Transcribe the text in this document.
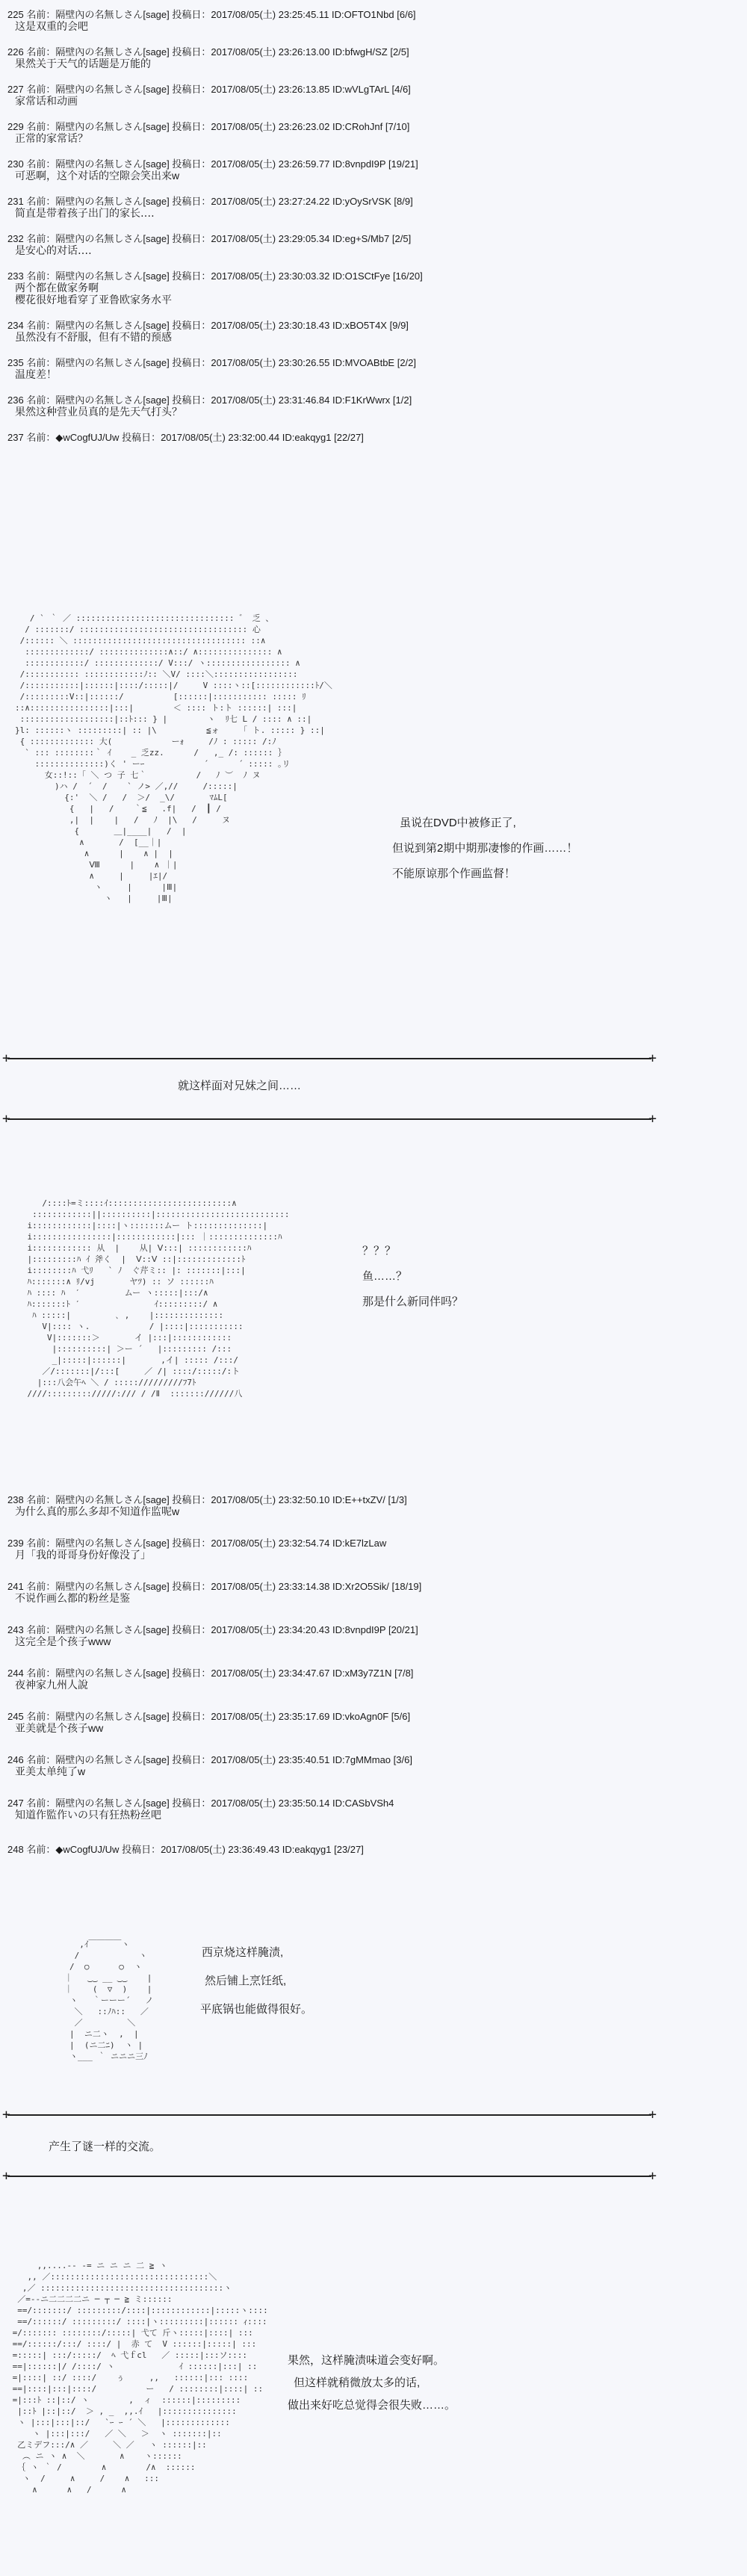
225 名前：隔壁內の名無しさん[sage] 投稿日：2017/08/05(土) 23:25:45.11 ID:OFTO1Nbd [6/6]
这是双重的会吧
226 名前：隔壁內の名無しさん[sage] 投稿日：2017/08/05(土) 23:26:13.00 ID:bfwgH/SZ [2/5]
果然关于天气的话题是万能的
227 名前：隔壁內の名無しさん[sage] 投稿日：2017/08/05(土) 23:26:13.85 ID:wVLgTArL [4/6]
家常话和动画
229 名前：隔壁內の名無しさん[sage] 投稿日：2017/08/05(土) 23:26:23.02 ID:CRohJnf [7/10]
正常的家常话？
230 名前：隔壁內の名無しさん[sage] 投稿日：2017/08/05(土) 23:26:59.77 ID:8vnpdI9P [19/21]
可恶啊，这个对话的空隙会笑出来w
231 名前：隔壁內の名無しさん[sage] 投稿日：2017/08/05(土) 23:27:24.22 ID:yOySrVSK [8/9]
简直是带着孩子出门的家长‥‥
232 名前：隔壁內の名無しさん[sage] 投稿日：2017/08/05(土) 23:29:05.34 ID:eg+S/Mb7 [2/5]
是安心的对话‥‥
233 名前：隔壁內の名無しさん[sage] 投稿日：2017/08/05(土) 23:30:03.32 ID:O1SCtFye [16/20]
两个都在做家务啊
樱花很好地看穿了亚鲁欧家务水平
234 名前：隔壁內の名無しさん[sage] 投稿日：2017/08/05(土) 23:30:18.43 ID:xBO5T4X [9/9]
虽然没有不舒服，但有不错的预感
235 名前：隔壁內の名無しさん[sage] 投稿日：2017/08/05(土) 23:30:26.55 ID:MVOABtbE [2/2]
温度差！
236 名前：隔壁內の名無しさん[sage] 投稿日：2017/08/05(土) 23:31:46.84 ID:F1KrWwrx [1/2]
果然这种营业员真的是先天气打头？
237 名前：◆wCogfUJ/Uw 投稿日：2017/08/05(土) 23:32:00.44 ID:eakqyg1 [22/27]
/ ` ｀ ／ :::::::::::::::::::::::::::::::: ゛ 乏 、
/ :::::::/ :::::::::::::::::::::::::::::::::: 心
/:::::: ＼ ::::::::::::::::::::::::::::::::::: ::∧
:::::::::::::/ ::::::::::::::∧::/ ∧::::::::::::::: ∧
::::::::::::/ :::::::::::::/ V:::/ ヽ::::::::::::::::: ∧
/::::::::::: ::::::::::::ﾉ:: ＼V/ ::::＼:::::::::::::::::
/:::::::::::|::::::|::::/:::::|/     V ::::ヽ::[::::::::::::ﾄ/＼
/:::::::::V::|::::::/          [::::::|::::::::::: ::::: ﾘ
::∧::::::::::::::::|:::|        ＜ :::: ト:ト ::::::| :::|
:::::::::::::::::::|::ﾄ::: } |        ヽ  ﾘ七 L / :::: ∧ ::|
}l: ::::::ヽ :::::::::| :: |\          ≦ォ    「 ト. ::::: } ::|
{ ::::::::::::: 大(            ーｫ     /ﾉ : ::::: /:ﾉ
` ::: ::::::::｀ ｲ    _ 乏zz.      /   ,_ /: :::::: ｝
::::::::::::::)く ' ーｰ            ´      ´ ::::: ｡リ
女::!::「 ＼ つ 子 七｀          /   ﾉ ︶  ﾉ ヌ
)ハ /  ´  /    ` ノ> ／,//     /:::::|
{:'  ＼ /   /  ＞/  _\/       ﾏﾑL[
{   |   /    ｀≦   .f|   /  ┃ /
,|  |    |   /   ﾉ  |\   /     ヌ
{       ＿|____|   /  |
∧       /  [__｜|
∧      |    ∧ |  |
Ⅷ      |    ∧ ｜|
∧     |     |ｴ|/
ヽ     |      |Ⅲ|
ヽ   |     |Ⅲ|
虽说在DVD中被修正了,
但说到第2期中期那凄惨的作画……！
不能原谅那个作画监督！
+ +
就这样面对兄妹之间……
+ +
/::::ﾄ=ミ::::ｲ:::::::::::::::::::::::::∧
::::::::::::||::::::::::|:::::::::::::::::::::::::::
i::::::::::::|::::|ヽ:::::::ムー ト::::::::::::::|
i::::::::::::::::|::::::::::::|::: ｜::::::::::::::ﾊ
i:::::::::::: 从  |    从| Ⅴ:::| ::::::::::::ﾊ
|:::::::::ﾊ ｲ 斧く  |  Ⅴ::Ⅴ ::|:::::::::::::ﾄ
i::::::::ﾊ 弋ﾘ   ` ﾉ  ぐ芹ミ:: |: :::::::|:::|
ﾊ:::::::∧ ﾘ/vj       ヤﾂ) :: ソ ::::::ﾊ
ﾊ :::: ﾊ  ′         ムー ヽ:::::|:::/∧
ﾊ:::::::ﾄ ′               ｲ:::::::::/ ∧
ﾊ :::::|         ､ ,    |::::::::::::::
V|:::: ヽ.            / |::::|:::::::::::
V|:::::::＞       イ |:::|::::::::::::
|::::::::::| ＞ー ´   |::::::::: /:::
_|:::::|::::::|       ,イ| ::::: /:::/
／/:::::::|/:::[     ／ /| ::::/:::::/:ト
|:::八会午ﾍ ＼ / ::::://///////ﾌ7ﾄ
////::::::::://///:/// / /Ⅱ  ::::::://////八
？？？
鱼……？
那是什么新同伴吗？
238 名前：隔壁內の名無しさん[sage] 投稿日：2017/08/05(土) 23:32:50.10 ID:E++txZV/ [1/3]
为什么真的那么多却不知道作监呢w
239 名前：隔壁內の名無しさん[sage] 投稿日：2017/08/05(土) 23:32:54.74 ID:kE7lzLaw
月「我的哥哥身份好像没了」
241 名前：隔壁內の名無しさん[sage] 投稿日：2017/08/05(土) 23:33:14.38 ID:Xr2O5Sik/ [18/19]
不说作画么都的粉丝是鉴
243 名前：隔壁內の名無しさん[sage] 投稿日：2017/08/05(土) 23:34:20.43 ID:8vnpdI9P [20/21]
这完全是个孩子www
244 名前：隔壁內の名無しさん[sage] 投稿日：2017/08/05(土) 23:34:47.67 ID:xM3y7Z1N [7/8]
夜神家九州人說
245 名前：隔壁內の名無しさん[sage] 投稿日：2017/08/05(土) 23:35:17.69 ID:vkoAgn0F [5/6]
亚美就是个孩子ww
246 名前：隔壁內の名無しさん[sage] 投稿日：2017/08/05(土) 23:35:40.51 ID:7gMMmao [3/6]
亚美太单纯了w
247 名前：隔壁內の名無しさん[sage] 投稿日：2017/08/05(土) 23:35:50.14 ID:CASbVSh4
知道作監作いの只有狂热粉丝吧
248 名前：◆wCogfUJ/Uw 投稿日：2017/08/05(土) 23:36:49.43 ID:eakqyg1 [23/27]
,ｲ￣￣￣￣ヽ
/            ヽ
/  ○      ○  ヽ
｜   ‿‿ __ ‿‿    |
｜    (  ▽  )    |
ヽ   ｀ーーー´   ノ
＼   ::ﾉﾊ::   ／
／         ＼
|  ニ二ヽ  ,  |
|  (ニ二ﾆ)  ヽ |
ヽ___ ｀ ニニニ三ﾉ
西京烧这样腌渍,
然后铺上烹饪纸,
平底锅也能做得很好。
+ +
产生了谜一样的交流。
+ +
,,....-‐ ‐= ニ ニ ニ 二 ≧ ヽ
,, ／::::::::::::::::::::::::::::::::＼
,／ :::::::::::::::::::::::::::::::::::::ヽ
／=‐‐ニ二二二二ニ ─ ┬ ─ ≧ ミ::::::
==/:::::::/ :::::::::/::::|::::::::::::|:::::ヽ::::
==/::::::/ :::::::::/ ::::|ヽ:::::::::|:::::: ｨ::::
=/::::::: ::::::::/:::::| 弋て 斤ヽ:::::|::::| :::
==/::::::/:::/ ::::/ |  赤 て  V ::::::|:::::| :::
=:::::| :::/:::::/  ﾍ 弋ｆcl   ／ :::::|:::ソ::::
==|::::::|/ /::::/ ヽ             ｲ ::::::|:::| ::
=|::::| ::/ ::::/    ぅ     ,,   ::::::|::: ::::
==|::::|:::|::::/          ー   / ::::::::|::::| ::
=|:::ﾄ ::|::/ ヽ        ,  ィ  ::::::|:::::::::
|::ﾄ |::|::/  ＞ , _  ,,.ｲ   |:::::::::::::::
ヽ |:::|:::|::/   `ｰ ｰ ´ ＼   |:::::::::::::
ヽ |:::|:::/   ／ ＼   ＞  ヽ :::::::|::
乙ミデフ:::/∧ ／     ＼ ／   ヽ ::::::|::
︵ ニ ヽ ∧  ＼       ∧    ヽ::::::
｛ ヽ ｀ /        ∧        /∧  ::::::
ヽ  /     ∧     /    ∧   :::
∧      ∧   /      ∧
果然，这样腌渍味道会变好啊。
但这样就稍微放太多的话,
做出来好吃总觉得会很失败……。
